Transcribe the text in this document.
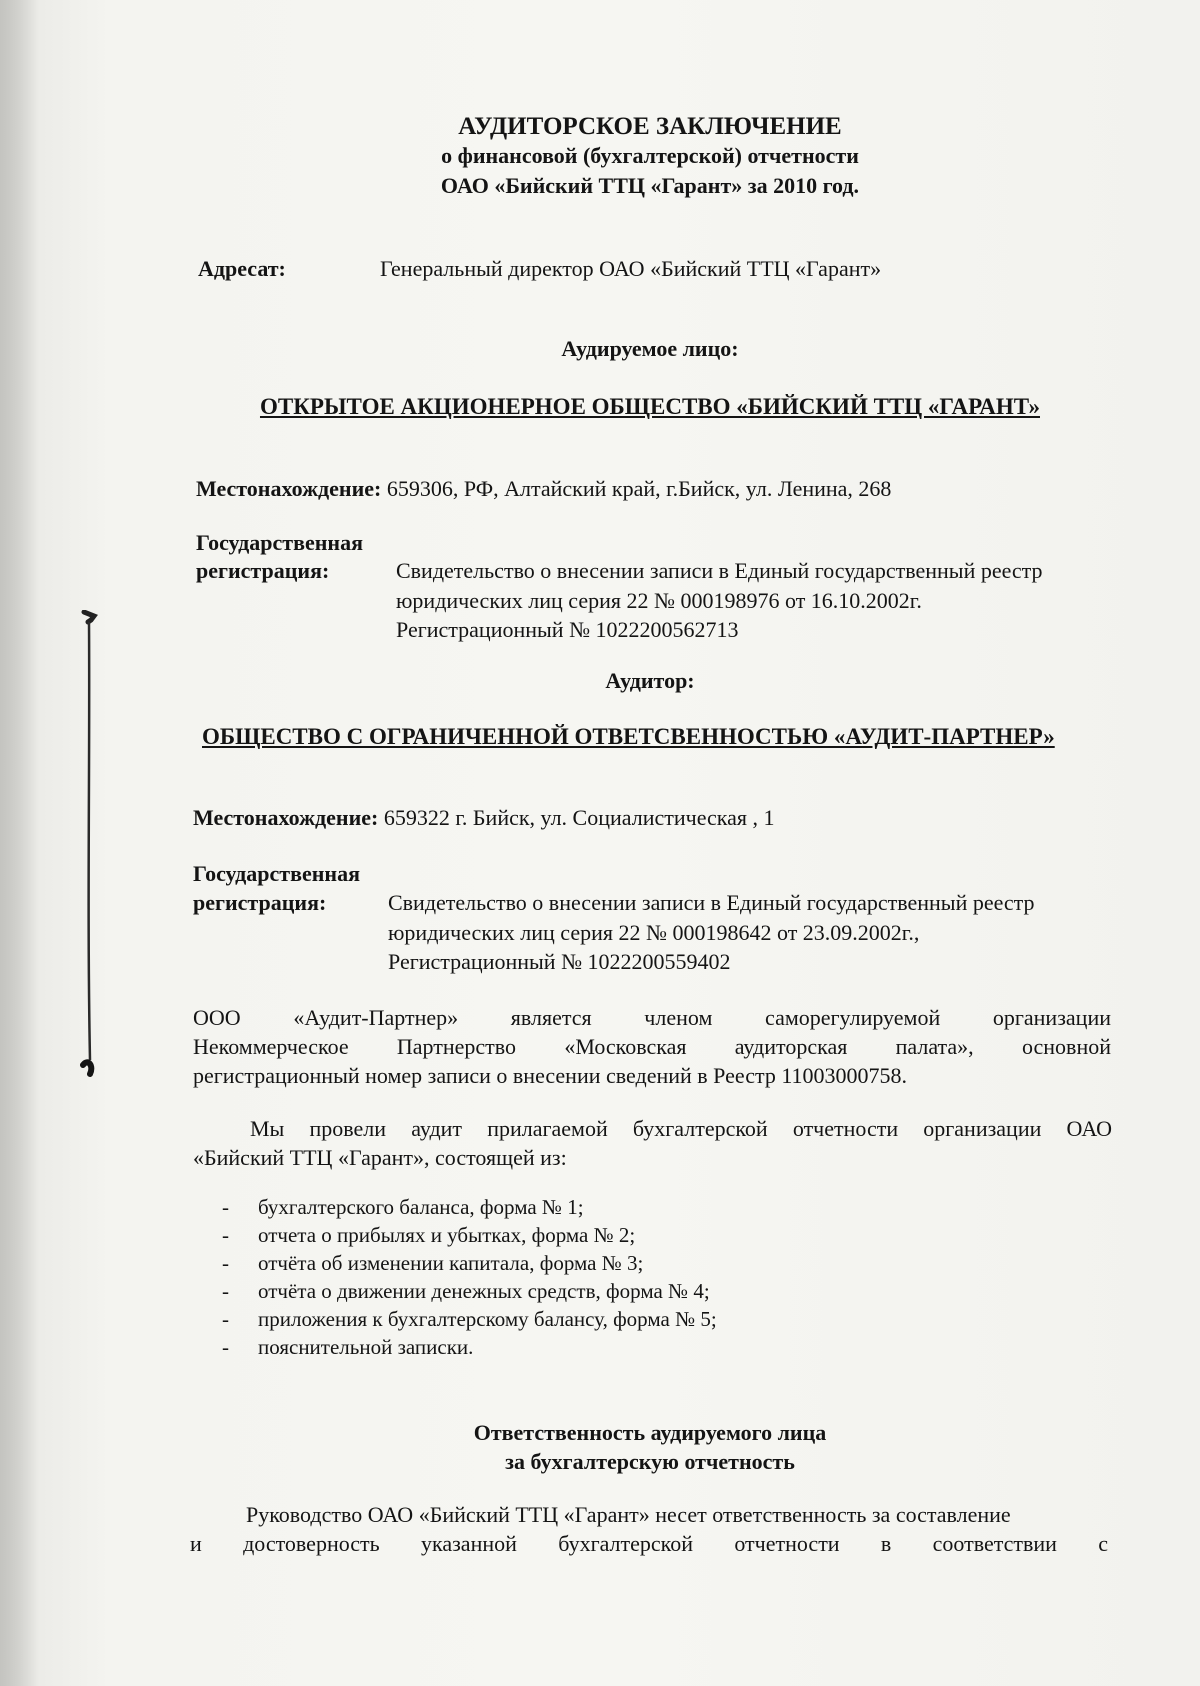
АУДИТОРСКОЕ ЗАКЛЮЧЕНИЕ
о финансовой (бухгалтерской) отчетности
ОАО «Бийский ТТЦ «Гарант» за 2010 год.
Адресат:	Генеральный директор ОАО «Бийский ТТЦ «Гарант»
Аудируемое лицо:
ОТКРЫТОЕ АКЦИОНЕРНОЕ ОБЩЕСТВО «БИЙСКИЙ ТТЦ «ГАРАНТ»
Местонахождение: 659306, РФ, Алтайский край, г.Бийск, ул. Ленина, 268
Государственная
регистрация:	Свидетельство о внесении записи в Единый государственный реестр
юридических лиц серия 22 № 000198976 от 16.10.2002г.
Регистрационный № 1022200562713
Аудитор:
ОБЩЕСТВО С ОГРАНИЧЕННОЙ ОТВЕТСВЕННОСТЬЮ «АУДИТ-ПАРТНЕР»
Местонахождение: 659322 г. Бийск, ул. Социалистическая , 1
Государственная
регистрация:	Свидетельство о внесении записи в Единый государственный реестр
юридических лиц серия 22 № 000198642 от 23.09.2002г.,
Регистрационный № 1022200559402
ООО «Аудит-Партнер» является членом саморегулируемой организации
Некоммерческое Партнерство «Московская аудиторская палата», основной
регистрационный номер записи о внесении сведений в Реестр 11003000758.
Мы провели аудит прилагаемой бухгалтерской отчетности организации ОАО
«Бийский ТТЦ «Гарант», состоящей из:
-	бухгалтерского баланса, форма № 1;
-	отчета о прибылях и убытках, форма № 2;
-	отчёта об изменении капитала, форма № 3;
-	отчёта о движении денежных средств, форма № 4;
-	приложения к бухгалтерскому балансу, форма № 5;
-	пояснительной записки.
Ответственность аудируемого лица
за бухгалтерскую отчетность
Руководство ОАО «Бийский ТТЦ «Гарант» несет ответственность за составление
и достоверность указанной бухгалтерской отчетности в соответствии с
